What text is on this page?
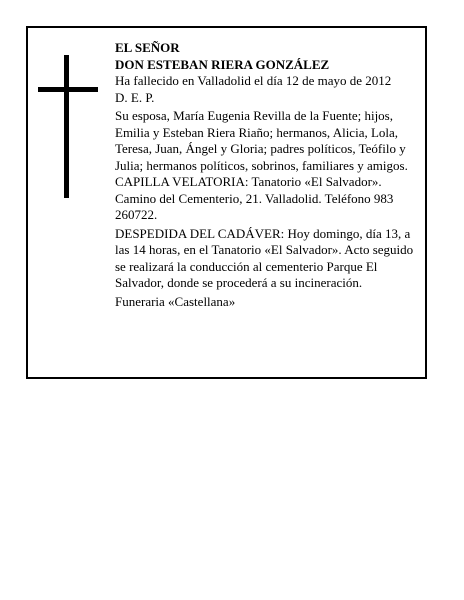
EL SEÑOR

DON ESTEBAN RIERA GONZÁLEZ

Ha fallecido en Valladolid el día 12 de mayo de 2012

D. E. P.

Su esposa, María Eugenia Revilla de la Fuente; hijos, Emilia y Esteban Riera Riaño; hermanos, Alicia, Lola, Teresa, Juan, Ángel y Gloria; padres políticos, Teófilo y Julia; hermanos políticos, sobrinos, familiares y amigos.

CAPILLA VELATORIA: Tanatorio «El Salvador». Camino del Cementerio, 21. Valladolid. Teléfono 983 260722.

DESPEDIDA DEL CADÁVER: Hoy domingo, día 13, a las 14 horas, en el Tanatorio «El Salvador». Acto seguido se realizará la conducción al cementerio Parque El Salvador, donde se procederá a su incineración.

Funeraria «Castellana»
